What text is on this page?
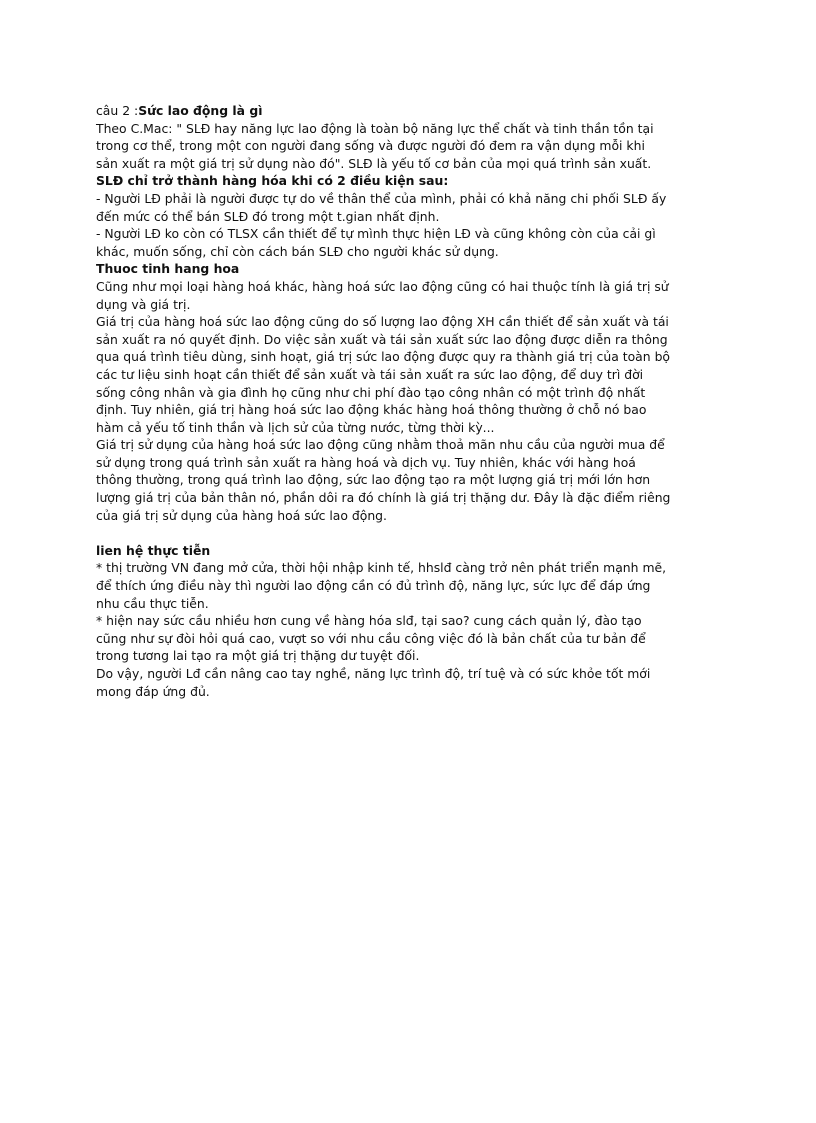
câu 2 :Sức lao động là gì
Theo C.Mac: " SLĐ hay năng lực lao động là toàn bộ năng lực thể chất và tinh thần tồn tại
trong cơ thể, trong một con người đang sống và được người đó đem ra vận dụng mỗi khi
sản xuất ra một giá trị sử dụng nào đó". SLĐ là yếu tố cơ bản của mọi quá trình sản xuất.
SLĐ chỉ trở thành hàng hóa khi có 2 điều kiện sau:
- Người LĐ phải là người được tự do về thân thể của mình, phải có khả năng chi phối SLĐ ấy
đến mức có thể bán SLĐ đó trong một t.gian nhất định.
- Người LĐ ko còn có TLSX cần thiết để tự mình thực hiện LĐ và cũng không còn của cải gì
khác, muốn sống, chỉ còn cách bán SLĐ cho người khác sử dụng.
Thuoc tinh hang hoa
Cũng như mọi loại hàng hoá khác, hàng hoá sức lao động cũng có hai thuộc tính là giá trị sử
dụng và giá trị.
Giá trị của hàng hoá sức lao động cũng do số lượng lao động XH cần thiết để sản xuất và tái
sản xuất ra nó quyết định. Do việc sản xuất và tái sản xuất sức lao động được diễn ra thông
qua quá trình tiêu dùng, sinh hoạt, giá trị sức lao động được quy ra thành giá trị của toàn bộ
các tư liệu sinh hoạt cần thiết để sản xuất và tái sản xuất ra sức lao động, để duy trì đời
sống công nhân và gia đình họ cũng như chi phí đào tạo công nhân có một trình độ nhất
định. Tuy nhiên, giá trị hàng hoá sức lao động khác hàng hoá thông thường ở chỗ nó bao
hàm cả yếu tố tinh thần và lịch sử của từng nước, từng thời kỳ...
Giá trị sử dụng của hàng hoá sức lao động cũng nhằm thoả mãn nhu cầu của người mua để
sử dụng trong quá trình sản xuất ra hàng hoá và dịch vụ. Tuy nhiên, khác với hàng hoá
thông thường, trong quá trình lao động, sức lao động tạo ra một lượng giá trị mới lớn hơn
lượng giá trị của bản thân nó, phần dôi ra đó chính là giá trị thặng dư. Đây là đặc điểm riêng
của giá trị sử dụng của hàng hoá sức lao động.
lien hệ thực tiễn
* thị trường VN đang mở cửa, thời hội nhập kinh tế, hhslđ càng trở nên phát triển mạnh mẽ,
để thích ứng điều này thì người lao động cần có đủ trình độ, năng lực, sức lực để đáp ứng
nhu cầu thực tiễn.
* hiện nay sức cầu nhiều hơn cung về hàng hóa slđ, tại sao? cung cách quản lý, đào tạo
cũng như sự đòi hỏi quá cao, vượt so với nhu cầu công việc đó là bản chất của tư bản để
trong tương lai tạo ra một giá trị thặng dư tuyệt đối.
Do vậy, người Lđ cần nâng cao tay nghề, năng lực trình độ, trí tuệ và có sức khỏe tốt mới
mong đáp ứng đủ.
